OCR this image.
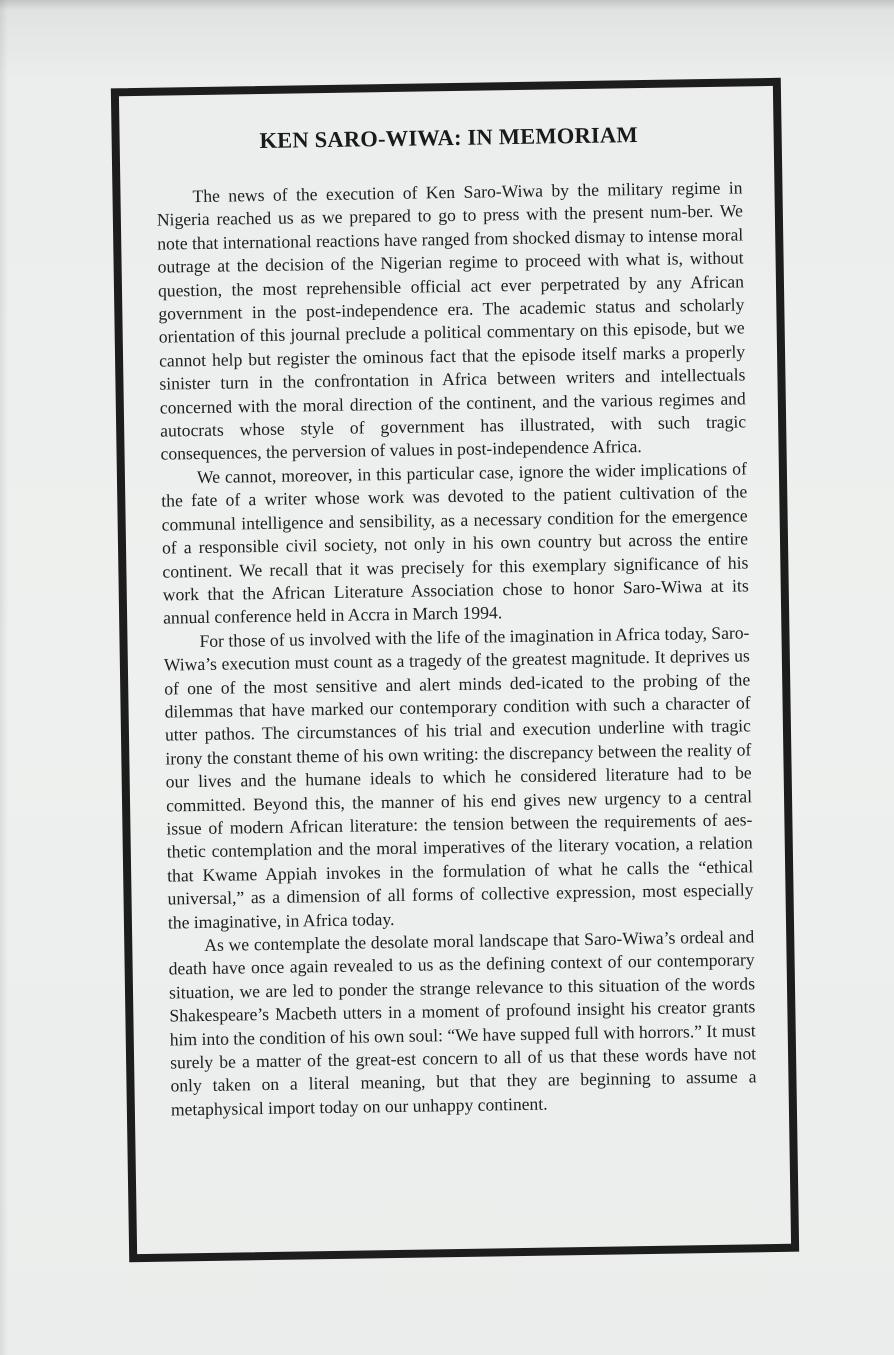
KEN SARO-WIWA: IN MEMORIAM

The news of the execution of Ken Saro-Wiwa by the military regime in Nigeria reached us as we prepared to go to press with the present num-ber. We note that international reactions have ranged from shocked dismay to intense moral outrage at the decision of the Nigerian regime to proceed with what is, without question, the most reprehensible official act ever perpetrated by any African government in the post-independence era. The academic status and scholarly orientation of this journal preclude a political commentary on this episode, but we cannot help but register the ominous fact that the episode itself marks a properly sinister turn in the confrontation in Africa between writers and intellectuals concerned with the moral direction of the continent, and the various regimes and autocrats whose style of government has illustrated, with such tragic consequences, the perversion of values in post-independence Africa.

We cannot, moreover, in this particular case, ignore the wider implications of the fate of a writer whose work was devoted to the patient cultivation of the communal intelligence and sensibility, as a necessary condition for the emergence of a responsible civil society, not only in his own country but across the entire continent. We recall that it was precisely for this exemplary significance of his work that the African Literature Association chose to honor Saro-Wiwa at its annual conference held in Accra in March 1994.

For those of us involved with the life of the imagination in Africa today, Saro-Wiwa’s execution must count as a tragedy of the greatest magnitude. It deprives us of one of the most sensitive and alert minds ded-icated to the probing of the dilemmas that have marked our contemporary condition with such a character of utter pathos. The circumstances of his trial and execution underline with tragic irony the constant theme of his own writing: the discrepancy between the reality of our lives and the humane ideals to which he considered literature had to be committed. Beyond this, the manner of his end gives new urgency to a central issue of modern African literature: the tension between the requirements of aes-thetic contemplation and the moral imperatives of the literary vocation, a relation that Kwame Appiah invokes in the formulation of what he calls the “ethical universal,” as a dimension of all forms of collective expression, most especially the imaginative, in Africa today.

As we contemplate the desolate moral landscape that Saro-Wiwa’s ordeal and death have once again revealed to us as the defining context of our contemporary situation, we are led to ponder the strange relevance to this situation of the words Shakespeare’s Macbeth utters in a moment of profound insight his creator grants him into the condition of his own soul: “We have supped full with horrors.” It must surely be a matter of the great-est concern to all of us that these words have not only taken on a literal meaning, but that they are beginning to assume a metaphysical import today on our unhappy continent.
